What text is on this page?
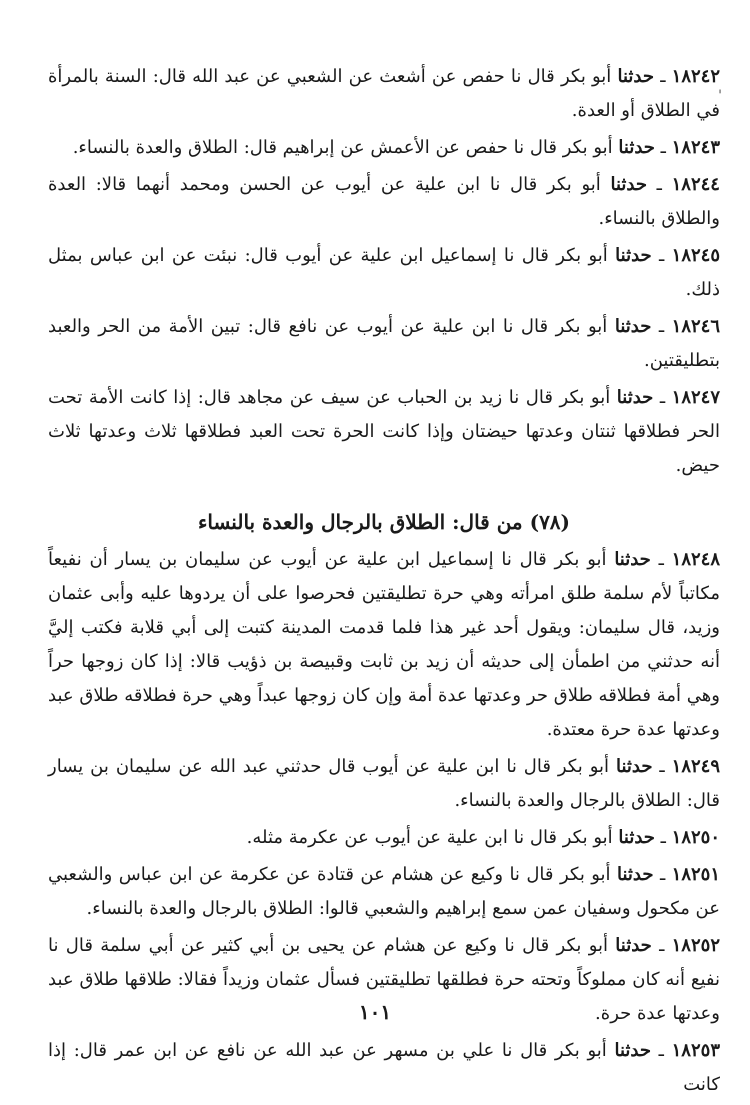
١٨٢٤٢ ـ حدثنا أبو بكر قال نا حفص عن أشعث عن الشعبي عن عبد الله قال: السنة بالمرأة في الطلاق أو العدة.
١٨٢٤٣ ـ حدثنا أبو بكر قال نا حفص عن الأعمش عن إبراهيم قال: الطلاق والعدة بالنساء.
١٨٢٤٤ ـ حدثنا أبو بكر قال نا ابن علية عن أيوب عن الحسن ومحمد أنهما قالا: العدة والطلاق بالنساء.
١٨٢٤٥ ـ حدثنا أبو بكر قال نا إسماعيل ابن علية عن أيوب قال: نبئت عن ابن عباس بمثل ذلك.
١٨٢٤٦ ـ حدثنا أبو بكر قال نا ابن علية عن أيوب عن نافع قال: تبين الأمة من الحر والعبد بتطليقتين.
١٨٢٤٧ ـ حدثنا أبو بكر قال نا زيد بن الحباب عن سيف عن مجاهد قال: إذا كانت الأمة تحت الحر فطلاقها ثنتان وعدتها حيضتان وإذا كانت الحرة تحت العبد فطلاقها ثلاث وعدتها ثلاث حيض.
(٧٨) من قال: الطلاق بالرجال والعدة بالنساء
١٨٢٤٨ ـ حدثنا أبو بكر قال نا إسماعيل ابن علية عن أيوب عن سليمان بن يسار أن نفيعاً مكاتباً لأم سلمة طلق امرأته وهي حرة تطليقتين فحرصوا على أن يردوها عليه وأبى عثمان وزيد، قال سليمان: ويقول أحد غير هذا فلما قدمت المدينة كتبت إلى أبي قلابة فكتب إليَّ أنه حدثني من اطمأن إلى حديثه أن زيد بن ثابت وقبيصة بن ذؤيب قالا: إذا كان زوجها حراً وهي أمة فطلاقه طلاق حر وعدتها عدة أمة وإن كان زوجها عبداً وهي حرة فطلاقه طلاق عبد وعدتها عدة حرة معتدة.
١٨٢٤٩ ـ حدثنا أبو بكر قال نا ابن علية عن أيوب قال حدثني عبد الله عن سليمان بن يسار قال: الطلاق بالرجال والعدة بالنساء.
١٨٢٥٠ ـ حدثنا أبو بكر قال نا ابن علية عن أيوب عن عكرمة مثله.
١٨٢٥١ ـ حدثنا أبو بكر قال نا وكيع عن هشام عن قتادة عن عكرمة عن ابن عباس والشعبي عن مكحول وسفيان عمن سمع إبراهيم والشعبي قالوا: الطلاق بالرجال والعدة بالنساء.
١٨٢٥٢ ـ حدثنا أبو بكر قال نا وكيع عن هشام عن يحيى بن أبي كثير عن أبي سلمة قال نا نفيع أنه كان مملوكاً وتحته حرة فطلقها تطليقتين فسأل عثمان وزيداً فقالا: طلاقها طلاق عبد وعدتها عدة حرة.
١٨٢٥٣ ـ حدثنا أبو بكر قال نا علي بن مسهر عن عبد الله عن نافع عن ابن عمر قال: إذا كانت
'
١٠١
